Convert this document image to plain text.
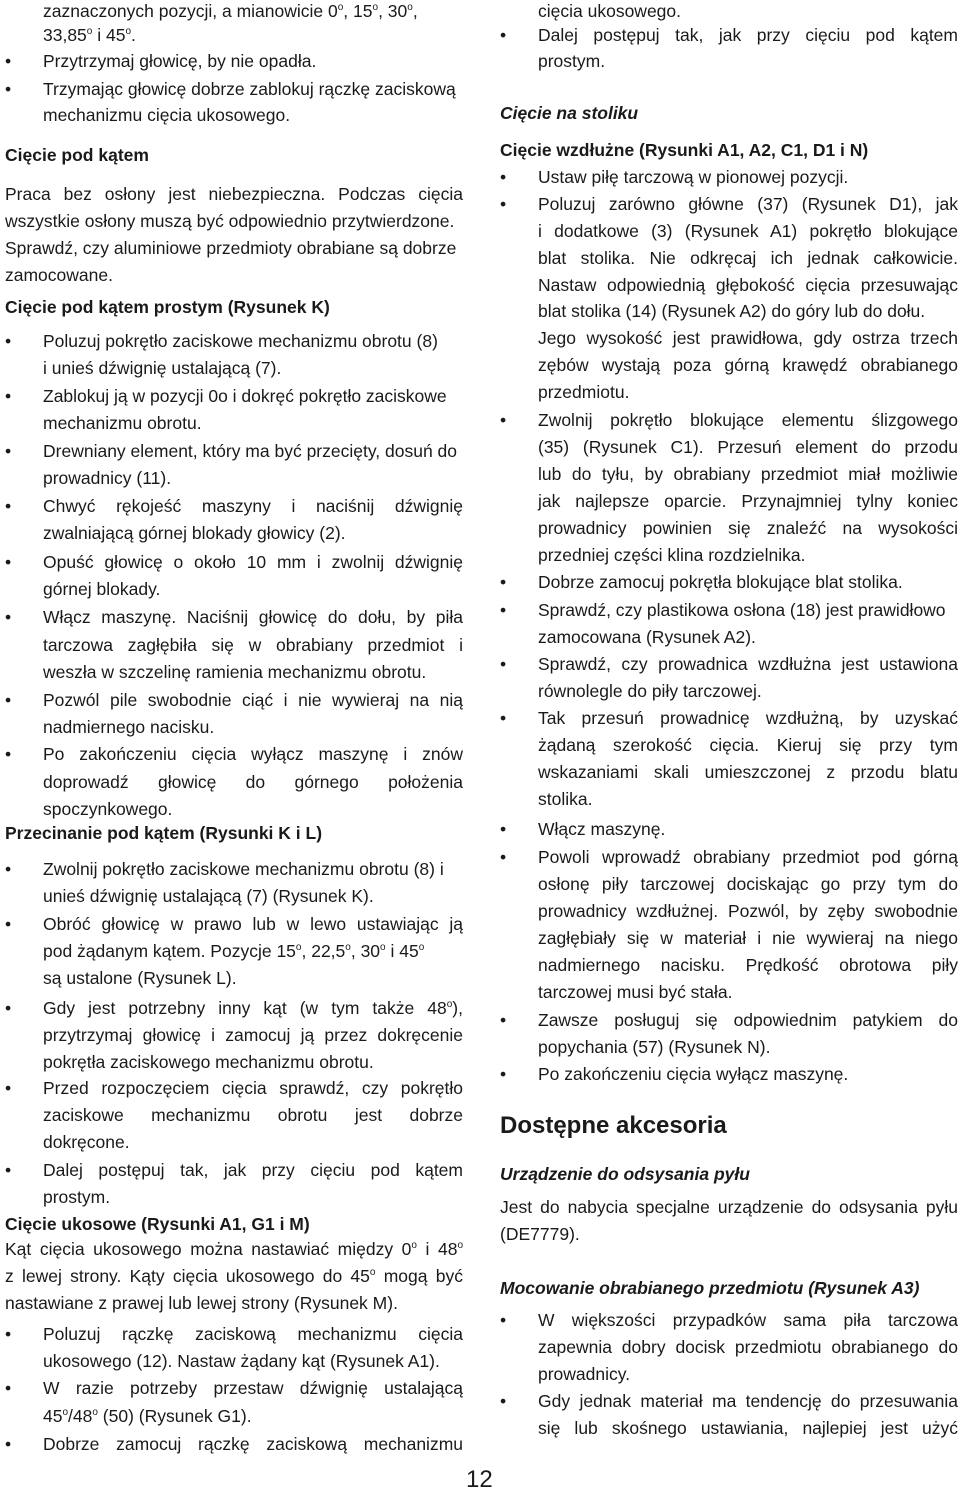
zaznaczonych pozycji, a mianowicie 0$^o$, 15$^o$, 30$^o$,
33,85$^o$ i 45$^o$.
Przytrzymaj głowicę, by nie opadła.
•
Trzymając głowicę dobrze zablokuj rączkę zaciskową
•
mechanizmu cięcia ukosowego.
Cięcie pod kątem
Praca bez osłony jest niebezpieczna. Podczas cięcia
wszystkie osłony muszą być odpowiednio przytwierdzone.
Sprawdź, czy aluminiowe przedmioty obrabiane są dobrze
zamocowane.
Cięcie pod kątem prostym (Rysunek K)
Poluzuj pokrętło zaciskowe mechanizmu obrotu (8)
•
i unieś dźwignię ustalającą (7).
Zablokuj ją w pozycji 0o i dokręć pokrętło zaciskowe
•
mechanizmu obrotu.
Drewniany element, który ma być przecięty, dosuń do
•
prowadnicy (11).
Chwyć rękojeść maszyny i naciśnij dźwignię
•
zwalniającą górnej blokady głowicy (2).
Opuść głowicę o około 10 mm i zwolnij dźwignię
•
górnej blokady.
Włącz maszynę. Naciśnij głowicę do dołu, by piła
•
tarczowa zagłębiła się w obrabiany przedmiot i
weszła w szczelinę ramienia mechanizmu obrotu.
Pozwól pile swobodnie ciąć i nie wywieraj na nią
•
nadmiernego nacisku.
Po zakończeniu cięcia wyłącz maszynę i znów
•
doprowadź głowicę do górnego położenia
spoczynkowego.
Przecinanie pod kątem (Rysunki K i L)
Zwolnij pokrętło zaciskowe mechanizmu obrotu (8) i
•
unieś dźwignię ustalającą (7) (Rysunek K).
Obróć głowicę w prawo lub w lewo ustawiając ją
•
pod żądanym kątem. Pozycje 15$^o$, 22,5$^o$, 30$^o$ i 45$^o$
są ustalone (Rysunek L).
Gdy jest potrzebny inny kąt (w tym także 48$^o$),
•
przytrzymaj głowicę i zamocuj ją przez dokręcenie
pokrętła zaciskowego mechanizmu obrotu.
Przed rozpoczęciem cięcia sprawdź, czy pokrętło
•
zaciskowe mechanizmu obrotu jest dobrze
dokręcone.
Dalej postępuj tak, jak przy cięciu pod kątem
•
prostym.
Cięcie ukosowe (Rysunki A1, G1 i M)
Kąt cięcia ukosowego można nastawiać między 0$^o$ i 48$^o$
z lewej strony. Kąty cięcia ukosowego do 45$^o$ mogą być
nastawiane z prawej lub lewej strony (Rysunek M).
Poluzuj rączkę zaciskową mechanizmu cięcia
•
ukosowego (12). Nastaw żądany kąt (Rysunek A1).
W razie potrzeby przestaw dźwignię ustalającą
•
45$^o$/48$^o$ (50) (Rysunek G1).
Dobrze zamocuj rączkę zaciskową mechanizmu
•
cięcia ukosowego.
Dalej postępuj tak, jak przy cięciu pod kątem
•
prostym.
Cięcie na stoliku
Cięcie wzdłużne (Rysunki A1, A2, C1, D1 i N)
Ustaw piłę tarczową w pionowej pozycji.
•
Poluzuj zarówno główne (37) (Rysunek D1), jak
•
i dodatkowe (3) (Rysunek A1) pokrętło blokujące
blat stolika. Nie odkręcaj ich jednak całkowicie.
Nastaw odpowiednią głębokość cięcia przesuwając
blat stolika (14) (Rysunek A2) do góry lub do dołu.
Jego wysokość jest prawidłowa, gdy ostrza trzech
zębów wystają poza górną krawędź obrabianego
przedmiotu.
Zwolnij pokrętło blokujące elementu ślizgowego
•
(35) (Rysunek C1). Przesuń element do przodu
lub do tyłu, by obrabiany przedmiot miał możliwie
jak najlepsze oparcie. Przynajmniej tylny koniec
prowadnicy powinien się znaleźć na wysokości
przedniej części klina rozdzielnika.
Dobrze zamocuj pokrętła blokujące blat stolika.
•
Sprawdź, czy plastikowa osłona (18) jest prawidłowo
•
zamocowana (Rysunek A2).
Sprawdź, czy prowadnica wzdłużna jest ustawiona
•
równolegle do piły tarczowej.
Tak przesuń prowadnicę wzdłużną, by uzyskać
•
żądaną szerokość cięcia. Kieruj się przy tym
wskazaniami skali umieszczonej z przodu blatu
stolika.
Włącz maszynę.
•
Powoli wprowadź obrabiany przedmiot pod górną
•
osłonę piły tarczowej dociskając go przy tym do
prowadnicy wzdłużnej. Pozwól, by zęby swobodnie
zagłębiały się w materiał i nie wywieraj na niego
nadmiernego nacisku. Prędkość obrotowa piły
tarczowej musi być stała.
Zawsze posługuj się odpowiednim patykiem do
•
popychania (57) (Rysunek N).
Po zakończeniu cięcia wyłącz maszynę.
•
Dostępne akcesoria
Urządzenie do odsysania pyłu
Jest do nabycia specjalne urządzenie do odsysania pyłu
(DE7779).
Mocowanie obrabianego przedmiotu (Rysunek A3)
W większości przypadków sama piła tarczowa
•
zapewnia dobry docisk przedmiotu obrabianego do
prowadnicy.
Gdy jednak materiał ma tendencję do przesuwania
•
się lub skośnego ustawiania, najlepiej jest użyć
12
